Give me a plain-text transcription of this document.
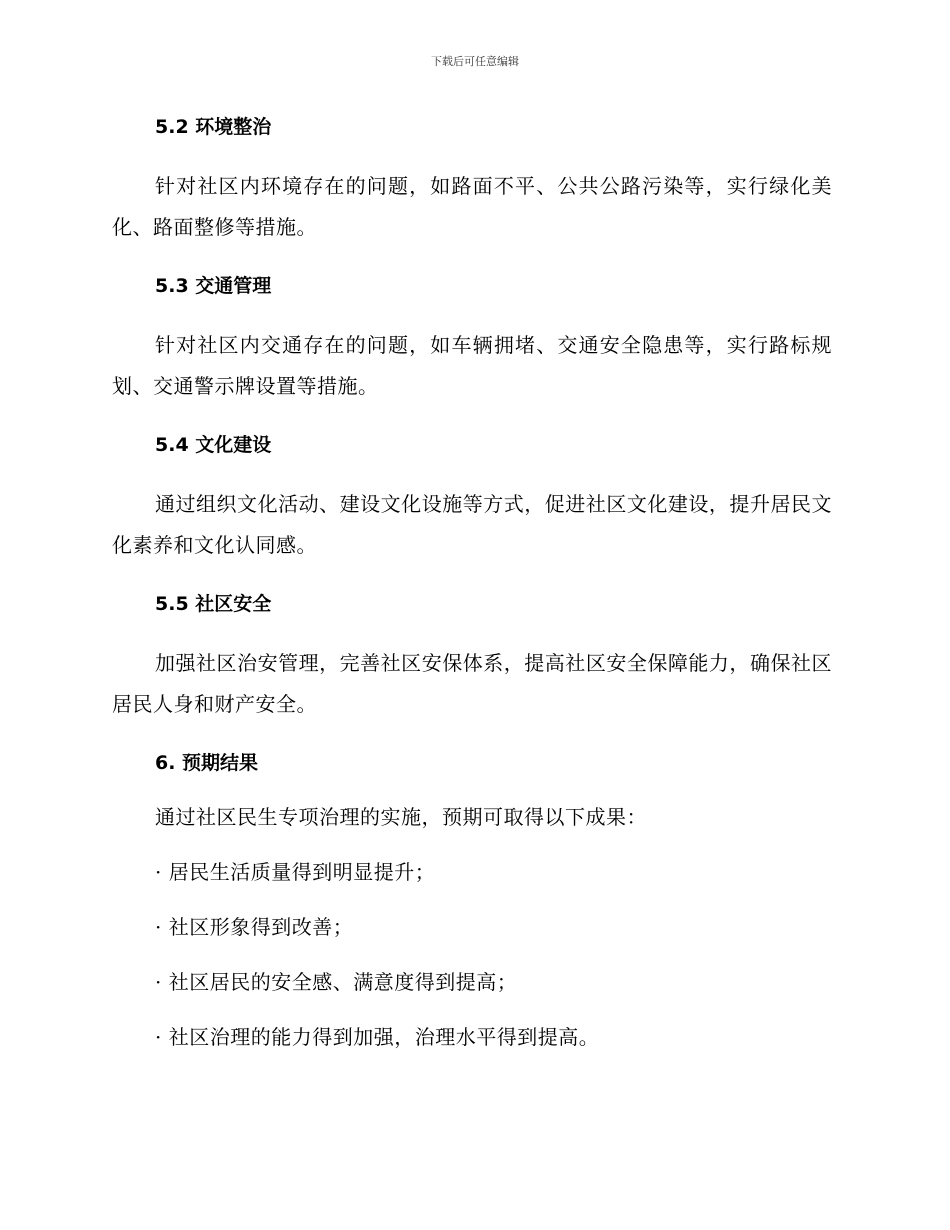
下载后可任意编辑
5.2 环境整治

针对社区内环境存在的问题，如路面不平、公共公路污染等，实行绿化美化、路面整修等措施。

5.3 交通管理

针对社区内交通存在的问题，如车辆拥堵、交通安全隐患等，实行路标规划、交通警示牌设置等措施。

5.4 文化建设

通过组织文化活动、建设文化设施等方式，促进社区文化建设，提升居民文化素养和文化认同感。

5.5 社区安全

加强社区治安管理，完善社区安保体系，提高社区安全保障能力，确保社区居民人身和财产安全。

6. 预期结果

通过社区民生专项治理的实施，预期可取得以下成果：

· 居民生活质量得到明显提升；

· 社区形象得到改善；

· 社区居民的安全感、满意度得到提高；

· 社区治理的能力得到加强，治理水平得到提高。
